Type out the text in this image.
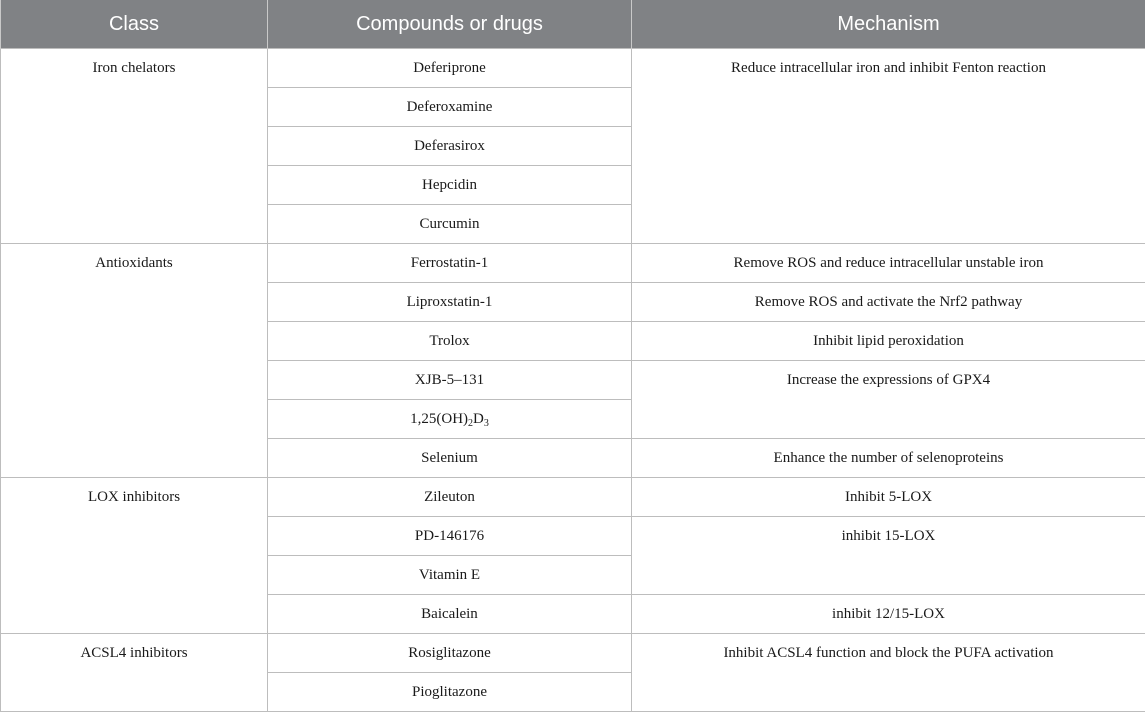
Class	Compounds or drugs	Mechanism
Iron chelators	Deferiprone	Reduce intracellular iron and inhibit Fenton reaction
	Deferoxamine	
	Deferasirox	
	Hepcidin	
	Curcumin	
Antioxidants	Ferrostatin-1	Remove ROS and reduce intracellular unstable iron
	Liproxstatin-1	Remove ROS and activate the Nrf2 pathway
	Trolox	Inhibit lipid peroxidation
	XJB-5–131	Increase the expressions of GPX4
	$1,25(OH)_2D_3$
	Selenium	Enhance the number of selenoproteins
LOX inhibitors	Zileuton	Inhibit 5-LOX
	PD-146176	inhibit 15-LOX
	Vitamin E	
	Baicalein	inhibit 12/15-LOX
ACSL4 inhibitors	Rosiglitazone	Inhibit ACSL4 function and block the PUFA activation
	Pioglitazone	
